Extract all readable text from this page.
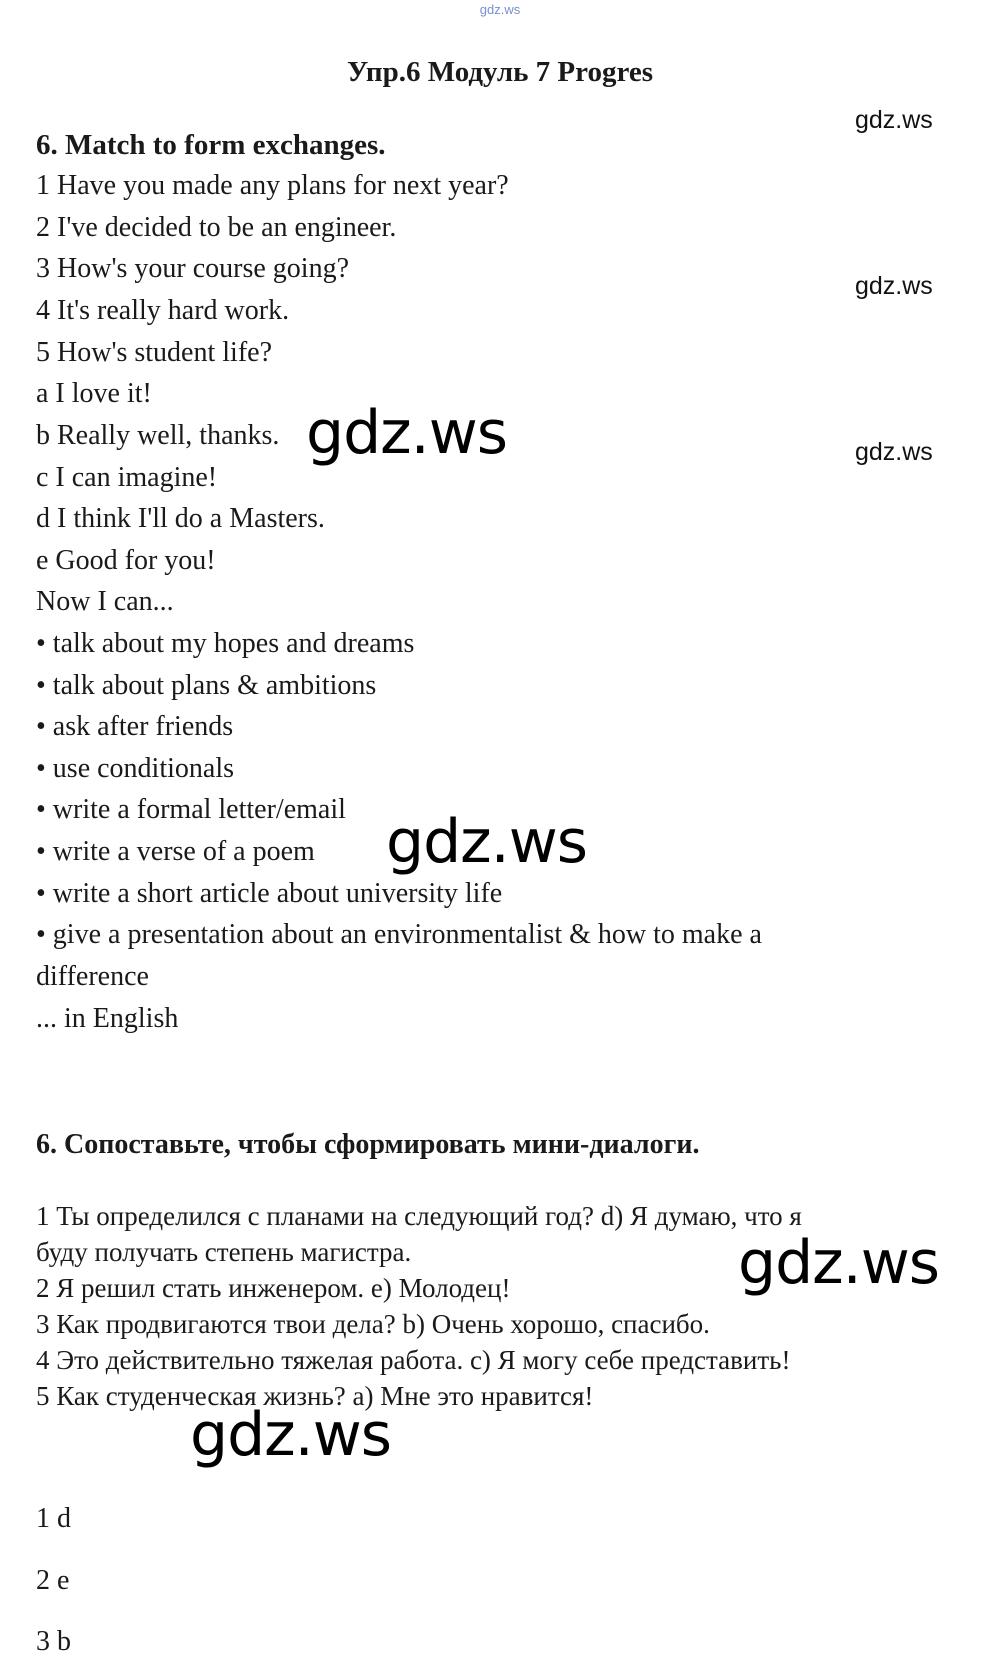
gdz.ws
Упр.6 Модуль 7 Progres
gdz.ws
gdz.ws
gdz.ws
6. Match to form exchanges.
1 Have you made any plans for next year?
2 I've decided to be an engineer.
3 How's your course going?
4 It's really hard work.
5 How's student life?
a I love it!
b Really well, thanks.
c I can imagine!
d I think I'll do a Masters.
e Good for you!
Now I can...
• talk about my hopes and dreams
• talk about plans & ambitions
• ask after friends
• use conditionals
• write a formal letter/email
• write a verse of a poem
• write a short article about university life
• give a presentation about an environmentalist & how to make a
difference
... in English
gdz.ws
gdz.ws
6. Сопоставьте, чтобы сформировать мини-диалоги.
1 Ты определился с планами на следующий год? d) Я думаю, что я
буду получать степень магистра.
2 Я решил стать инженером. e) Молодец!
3 Как продвигаются твои дела? b) Очень хорошо, спасибо.
4 Это действительно тяжелая работа. c) Я могу себе представить!
5 Как студенческая жизнь? a) Мне это нравится!
gdz.ws
gdz.ws
1 d
2 e
3 b
